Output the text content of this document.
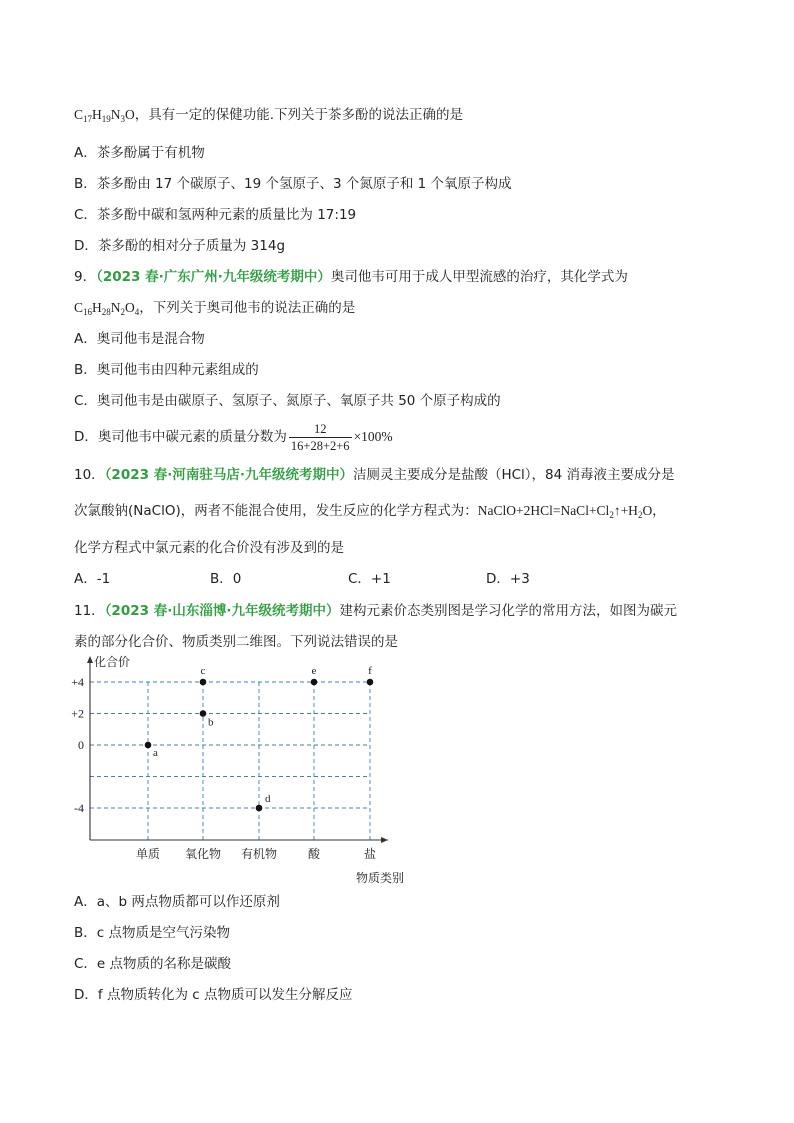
$C_{17}H_{19}N_3O$，具有一定的保健功能.下列关于茶多酚的说法正确的是
A．茶多酚属于有机物
B．茶多酚由 17 个碳原子、19 个氢原子、3 个氮原子和 1 个氧原子构成
C．茶多酚中碳和氢两种元素的质量比为 17:19
D．茶多酚的相对分子质量为 314g
9．（2023 春·广东广州·九年级统考期中）奥司他韦可用于成人甲型流感的治疗，其化学式为
$C_{16}H_{28}N_2O_4$，下列关于奥司他韦的说法正确的是
A．奥司他韦是混合物
B．奥司他韦由四种元素组成的
C．奥司他韦是由碳原子、氢原子、氮原子、氧原子共 50 个原子构成的
D．奥司他韦中碳元素的质量分数为 $\frac{12}{16+28+2+6} \times 100\%$
10．（2023 春·河南驻马店·九年级统考期中）洁厕灵主要成分是盐酸（HCl），84 消毒液主要成分是
次氯酸钠(NaClO)，两者不能混合使用，发生反应的化学方程式为：$NaClO+2HCl=NaCl+Cl_2↑+H_2O$，
化学方程式中氯元素的化合价没有涉及到的是
A．-1	B．0	C．+1	D．+3
11．（2023 春·山东淄博·九年级统考期中）建构元素价态类别图是学习化学的常用方法，如图为碳元
素的部分化合价、物质类别二维图。下列说法错误的是
化合价
物质类别
+4
+2
0
-4
单质 氧化物 有机物	酸	盐
a
b
c
d
e	f
A．a、b 两点物质都可以作还原剂
B．c 点物质是空气污染物
C．e 点物质的名称是碳酸
D．f 点物质转化为 c 点物质可以发生分解反应
